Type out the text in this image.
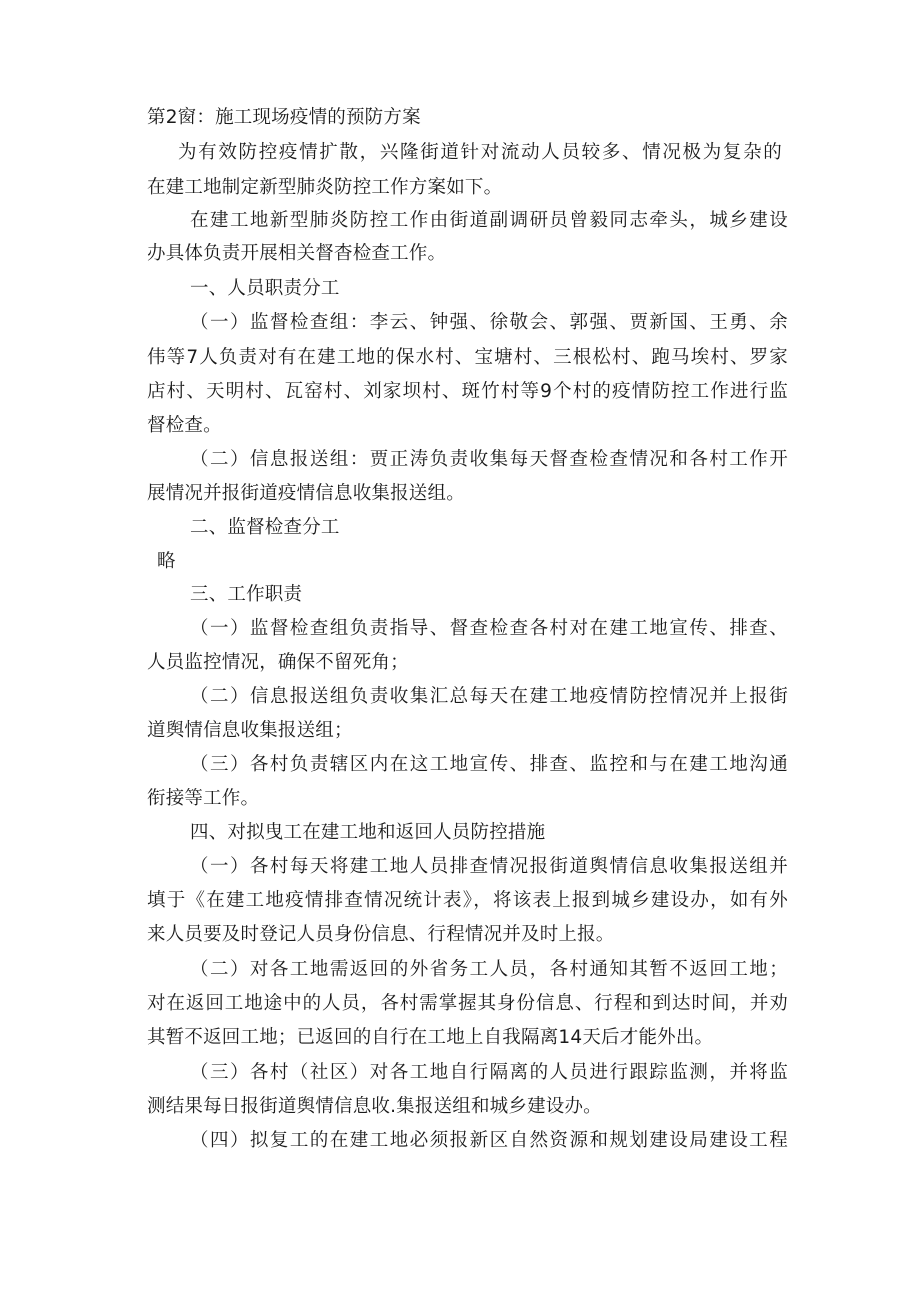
第2窗：施工现场疫情的预防方案

为有效防控疫情扩散，兴隆街道针对流动人员较多、情况极为复杂的

在建工地制定新型肺炎防控工作方案如下。

在建工地新型肺炎防控工作由街道副调研员曾毅同志牵头，城乡建设

办具体负责开展相关督杳检查工作。

一、人员职责分工

（一）监督检查组：李云、钟强、徐敬会、郭强、贾新国、王勇、余

伟等7人负责对有在建工地的保水村、宝塘村、三根松村、跑马埃村、罗家

店村、天明村、瓦窑村、刘家坝村、斑竹村等9个村的疫情防控工作进行监

督检查。

（二）信息报送组：贾正涛负责收集每天督查检查情况和各村工作开

展情况并报街道疫情信息收集报送组。

二、监督检查分工

略

三、工作职责

（一）监督检查组负责指导、督查检查各村对在建工地宣传、排查、

人员监控情况，确保不留死角；

（二）信息报送组负责收集汇总每天在建工地疫情防控情况并上报街

道舆情信息收集报送组；

（三）各村负责辖区内在这工地宣传、排查、监控和与在建工地沟通

衔接等工作。

四、对拟曳工在建工地和返回人员防控措施

（一）各村每天将建工地人员排查情况报街道舆情信息收集报送组并

填于《在建工地疫情排查情况统计表》，将该表上报到城乡建设办，如有外

来人员要及时登记人员身份信息、行程情况并及时上报。

（二）对各工地需返回的外省务工人员，各村通知其暂不返回工地；

对在返回工地途中的人员，各村需掌握其身份信息、行程和到达时间，并劝

其暂不返回工地；已返回的自行在工地上自我隔离14天后才能外出。

（三）各村（社区）对各工地自行隔离的人员进行跟踪监测，并将监

测结果每日报街道舆情信息收.集报送组和城乡建设办。

（四）拟复工的在建工地必须报新区自然资源和规划建设局建设工程
